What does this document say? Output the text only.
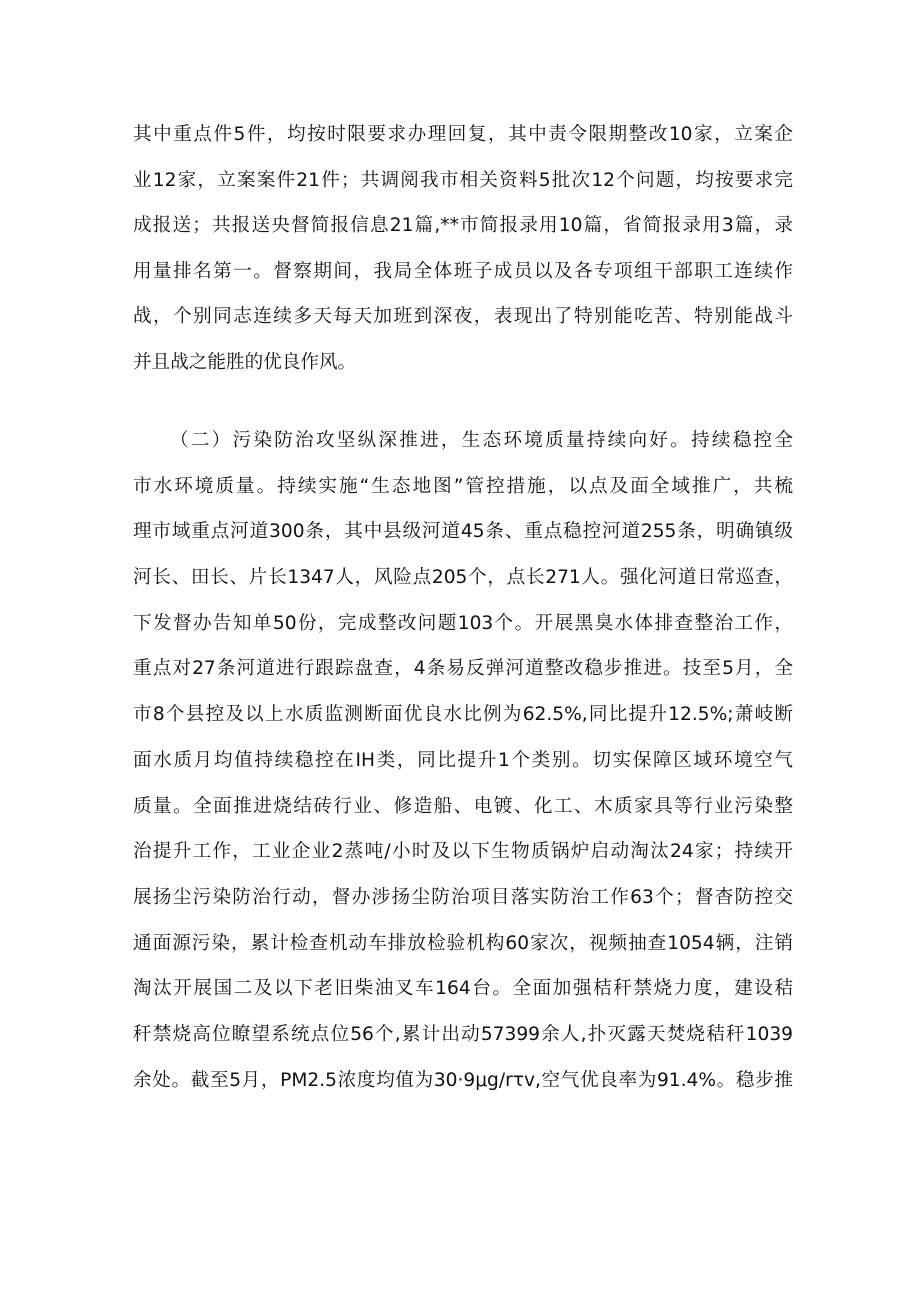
其中重点件5件，均按时限要求办理回复，其中责令限期整改10家，立案企
业12家，立案案件21件；共调阅我市相关资料5批次12个问题，均按要求完
成报送；共报送央督简报信息21篇,**市简报录用10篇，省简报录用3篇，录
用量排名第一。督察期间，我局全体班子成员以及各专项组干部职工连续作
战，个别同志连续多天每天加班到深夜，表现出了特别能吃苦、特别能战斗
并且战之能胜的优良作风。
（二）污染防治攻坚纵深推进，生态环境质量持续向好。持续稳控全
市水环境质量。持续实施“生态地图”管控措施，以点及面全域推广，共梳
理市域重点河道300条，其中县级河道45条、重点稳控河道255条，明确镇级
河长、田长、片长1347人，风险点205个，点长271人。强化河道日常巡查，
下发督办告知单50份，完成整改问题103个。开展黑臭水体排查整治工作，
重点对27条河道进行跟踪盘查，4条易反弹河道整改稳步推进。技至5月，全
市8个县控及以上水质监测断面优良水比例为62.5%,同比提升12.5%;萧岐断
面水质月均值持续稳控在IH类，同比提升1个类别。切实保障区域环境空气
质量。全面推进烧结砖行业、修造船、电镀、化工、木质家具等行业污染整
治提升工作，工业企业2蒸吨/小时及以下生物质锅炉启动淘汰24家；持续开
展扬尘污染防治行动，督办涉扬尘防治项目落实防治工作63个；督杳防控交
通面源污染，累计检查机动车排放检验机构60家次，视频抽查1054辆，注销
淘汰开展国二及以下老旧柴油叉车164台。全面加强桔秆禁烧力度，建设秸
秆禁烧高位瞭望系统点位56个,累计出动57399余人,扑灭露天焚烧秸秆1039
余处。截至5月，PM2.5浓度均值为30·9μg/rτv,空气优良率为91.4%。稳步推
